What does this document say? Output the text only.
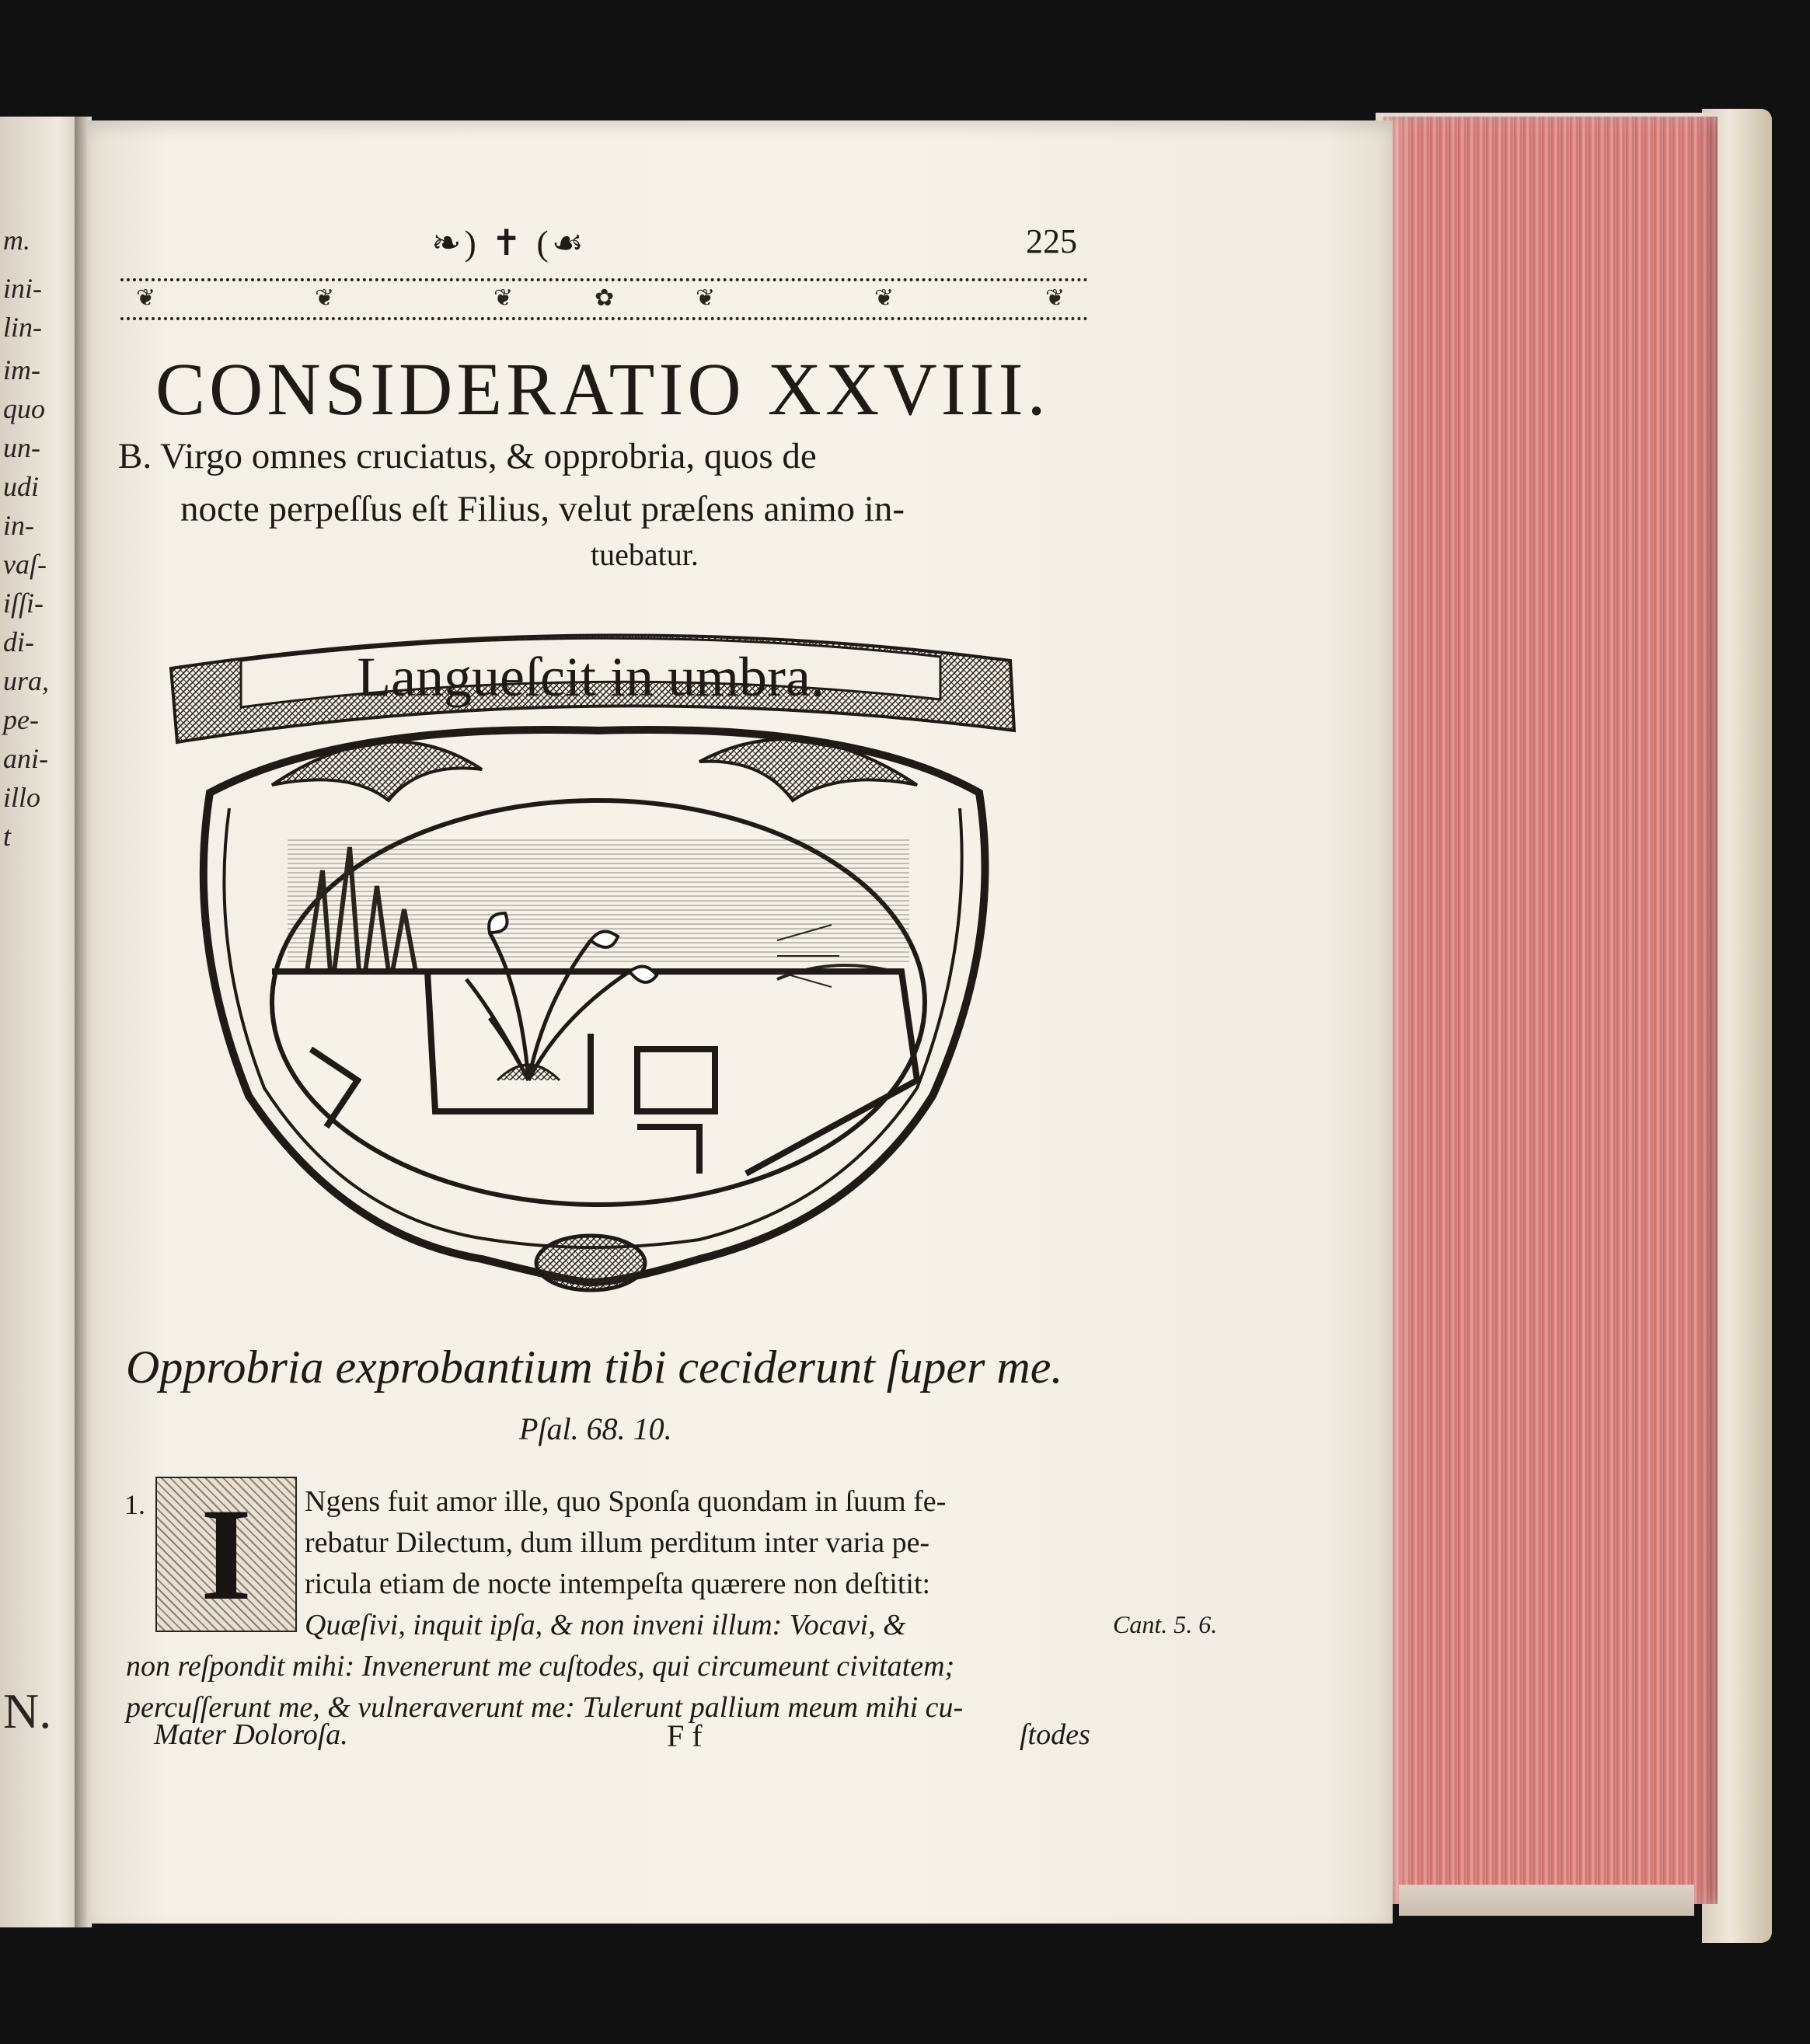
m.
ini-
lin-
im-
quo
un-
udi
in-
vaſ-
iſſi-
di-
ura,
pe-
ani-
illo
t
N.
❧) ✝ (☙	225
❦	❦	❦	✿	❦	❦	❦
CONSIDERATIO XXVIII.
B. Virgo omnes cruciatus, & opprobria, quos de
nocte perpeſſus eſt Filius, velut præſens animo in-
tuebatur.
Langueſcit in umbra.
Opprobria exprobantium tibi ceciderunt ſuper me.
Pſal. 68. 10.
1. I Ngens fuit amor ille, quo Sponſa quondam in ſuum fe-
rebatur Dilectum, dum illum perditum inter varia pe-
ricula etiam de nocte intempeſta quærere non deſtitit:
Quæſivi, inquit ipſa, & non inveni illum: Vocavi, &
non reſpondit mihi: Invenerunt me cuſtodes, qui circumeunt civitatem;
percuſſerunt me, & vulneraverunt me: Tulerunt pallium meum mihi cu-
Cant. 5. 6.
Mater Doloroſa.	F f	ſtodes
